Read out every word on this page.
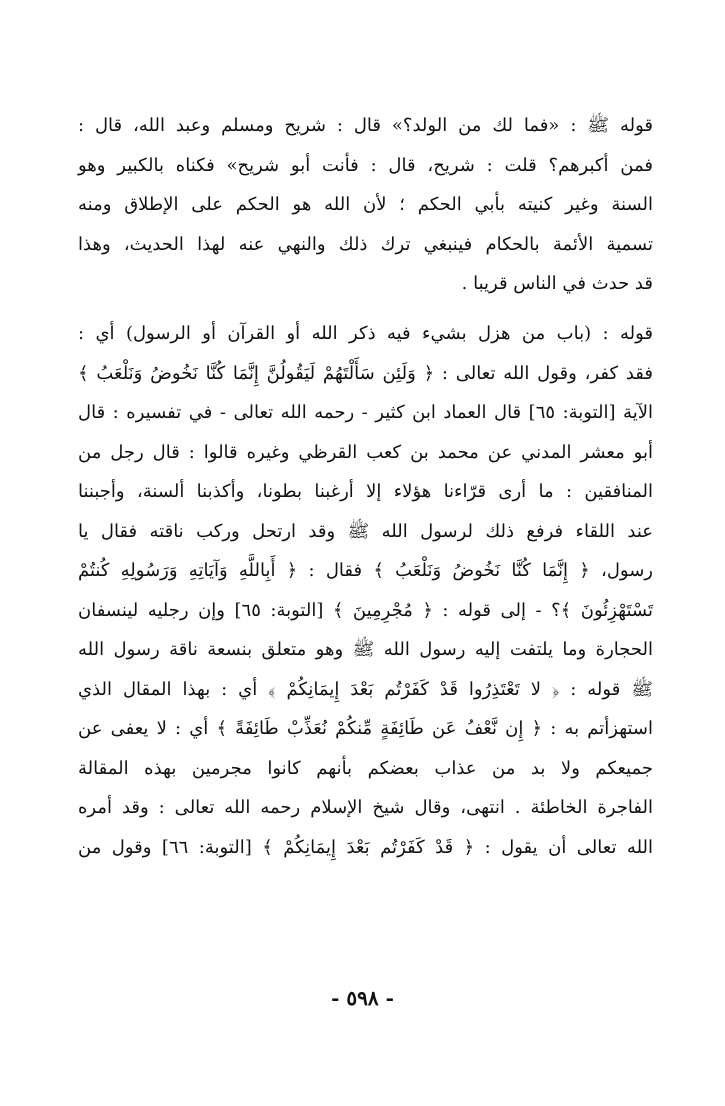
قوله ﷺ : «فما لك من الولد؟» قال : شريح ومسلم وعبد الله، قال :
فمن أكبرهم؟ قلت : شريح، قال : فأنت أبو شريح» فكناه بالكبير وهو
السنة وغير كنيته بأبي الحكم ؛ لأن الله هو الحكم على الإطلاق ومنه
تسمية الأئمة بالحكام فينبغي ترك ذلك والنهي عنه لهذا الحديث، وهذا
قد حدث في الناس قريبا .
قوله : (باب من هزل بشيء فيه ذكر الله أو القرآن أو الرسول) أي :
فقد كفر، وقول الله تعالى : ﴿ وَلَئِن سَأَلْتَهُمْ لَيَقُولُنَّ إِنَّمَا كُنَّا نَخُوضُ وَنَلْعَبُ ﴾
الآية [التوبة: ٦٥] قال العماد ابن كثير - رحمه الله تعالى - في تفسيره : قال
أبو معشر المدني عن محمد بن كعب القرظي وغيره قالوا : قال رجل من
المنافقين : ما أرى قرّاءنا هؤلاء إلا أرغبنا بطونا، وأكذبنا ألسنة، وأجبننا
عند اللقاء فرفع ذلك لرسول الله ﷺ وقد ارتحل وركب ناقته فقال يا
رسول، ﴿ إِنَّمَا كُنَّا نَخُوضُ وَنَلْعَبُ ﴾ فقال : ﴿ أَبِاللَّهِ وَآيَاتِهِ وَرَسُولِهِ كُنتُمْ
تَسْتَهْزِئُونَ ﴾؟ - إلى قوله : ﴿ مُجْرِمِينَ ﴾ [التوبة: ٦٥] وإن رجليه لينسفان
الحجارة وما يلتفت إليه رسول الله ﷺ وهو متعلق بنسعة ناقة رسول الله
ﷺ قوله : ﴿ لا تَعْتَذِرُوا قَدْ كَفَرْتُم بَعْدَ إِيمَانِكُمْ ﴾ أي : بهذا المقال الذي
استهزأتم به : ﴿ إِن نَّعْفُ عَن طَائِفَةٍ مِّنكُمْ نُعَذِّبْ طَائِفَةً ﴾ أي : لا يعفى عن
جميعكم ولا بد من عذاب بعضكم بأنهم كانوا مجرمين بهذه المقالة
الفاجرة الخاطئة . انتهى، وقال شيخ الإسلام رحمه الله تعالى : وقد أمره
الله تعالى أن يقول : ﴿ قَدْ كَفَرْتُم بَعْدَ إِيمَانِكُمْ ﴾ [التوبة: ٦٦] وقول من
- ٥٩٨ -
